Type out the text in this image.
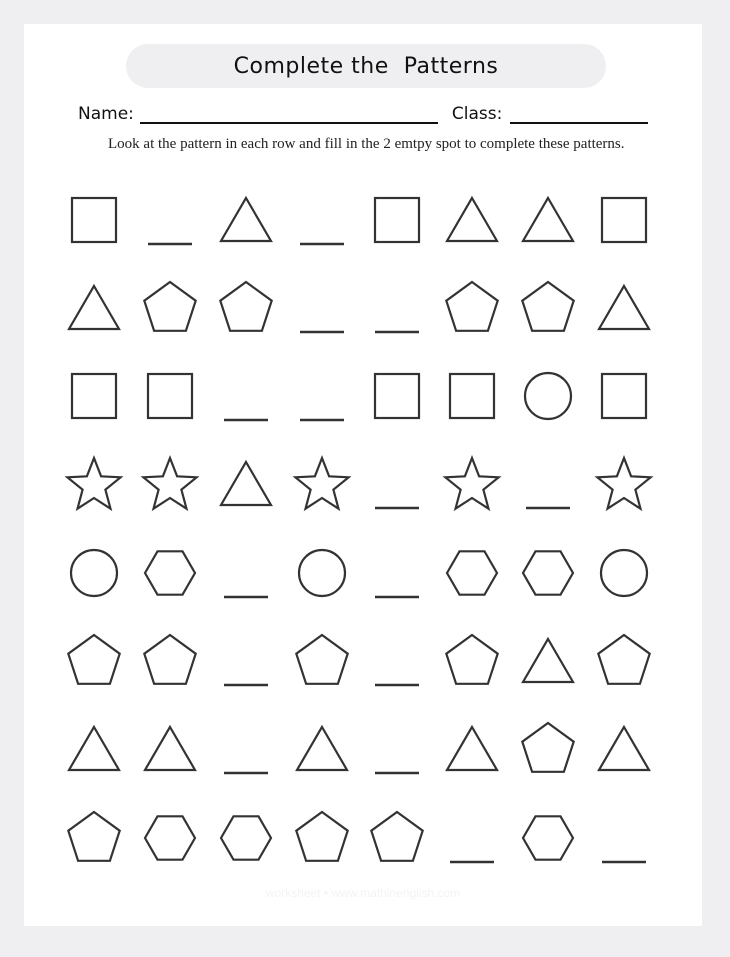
Complete the  Patterns
Name:	Class:
Look at the pattern in each row and fill in the 2 emtpy spot to complete these patterns.
worksheet • www.mathinenglish.com
